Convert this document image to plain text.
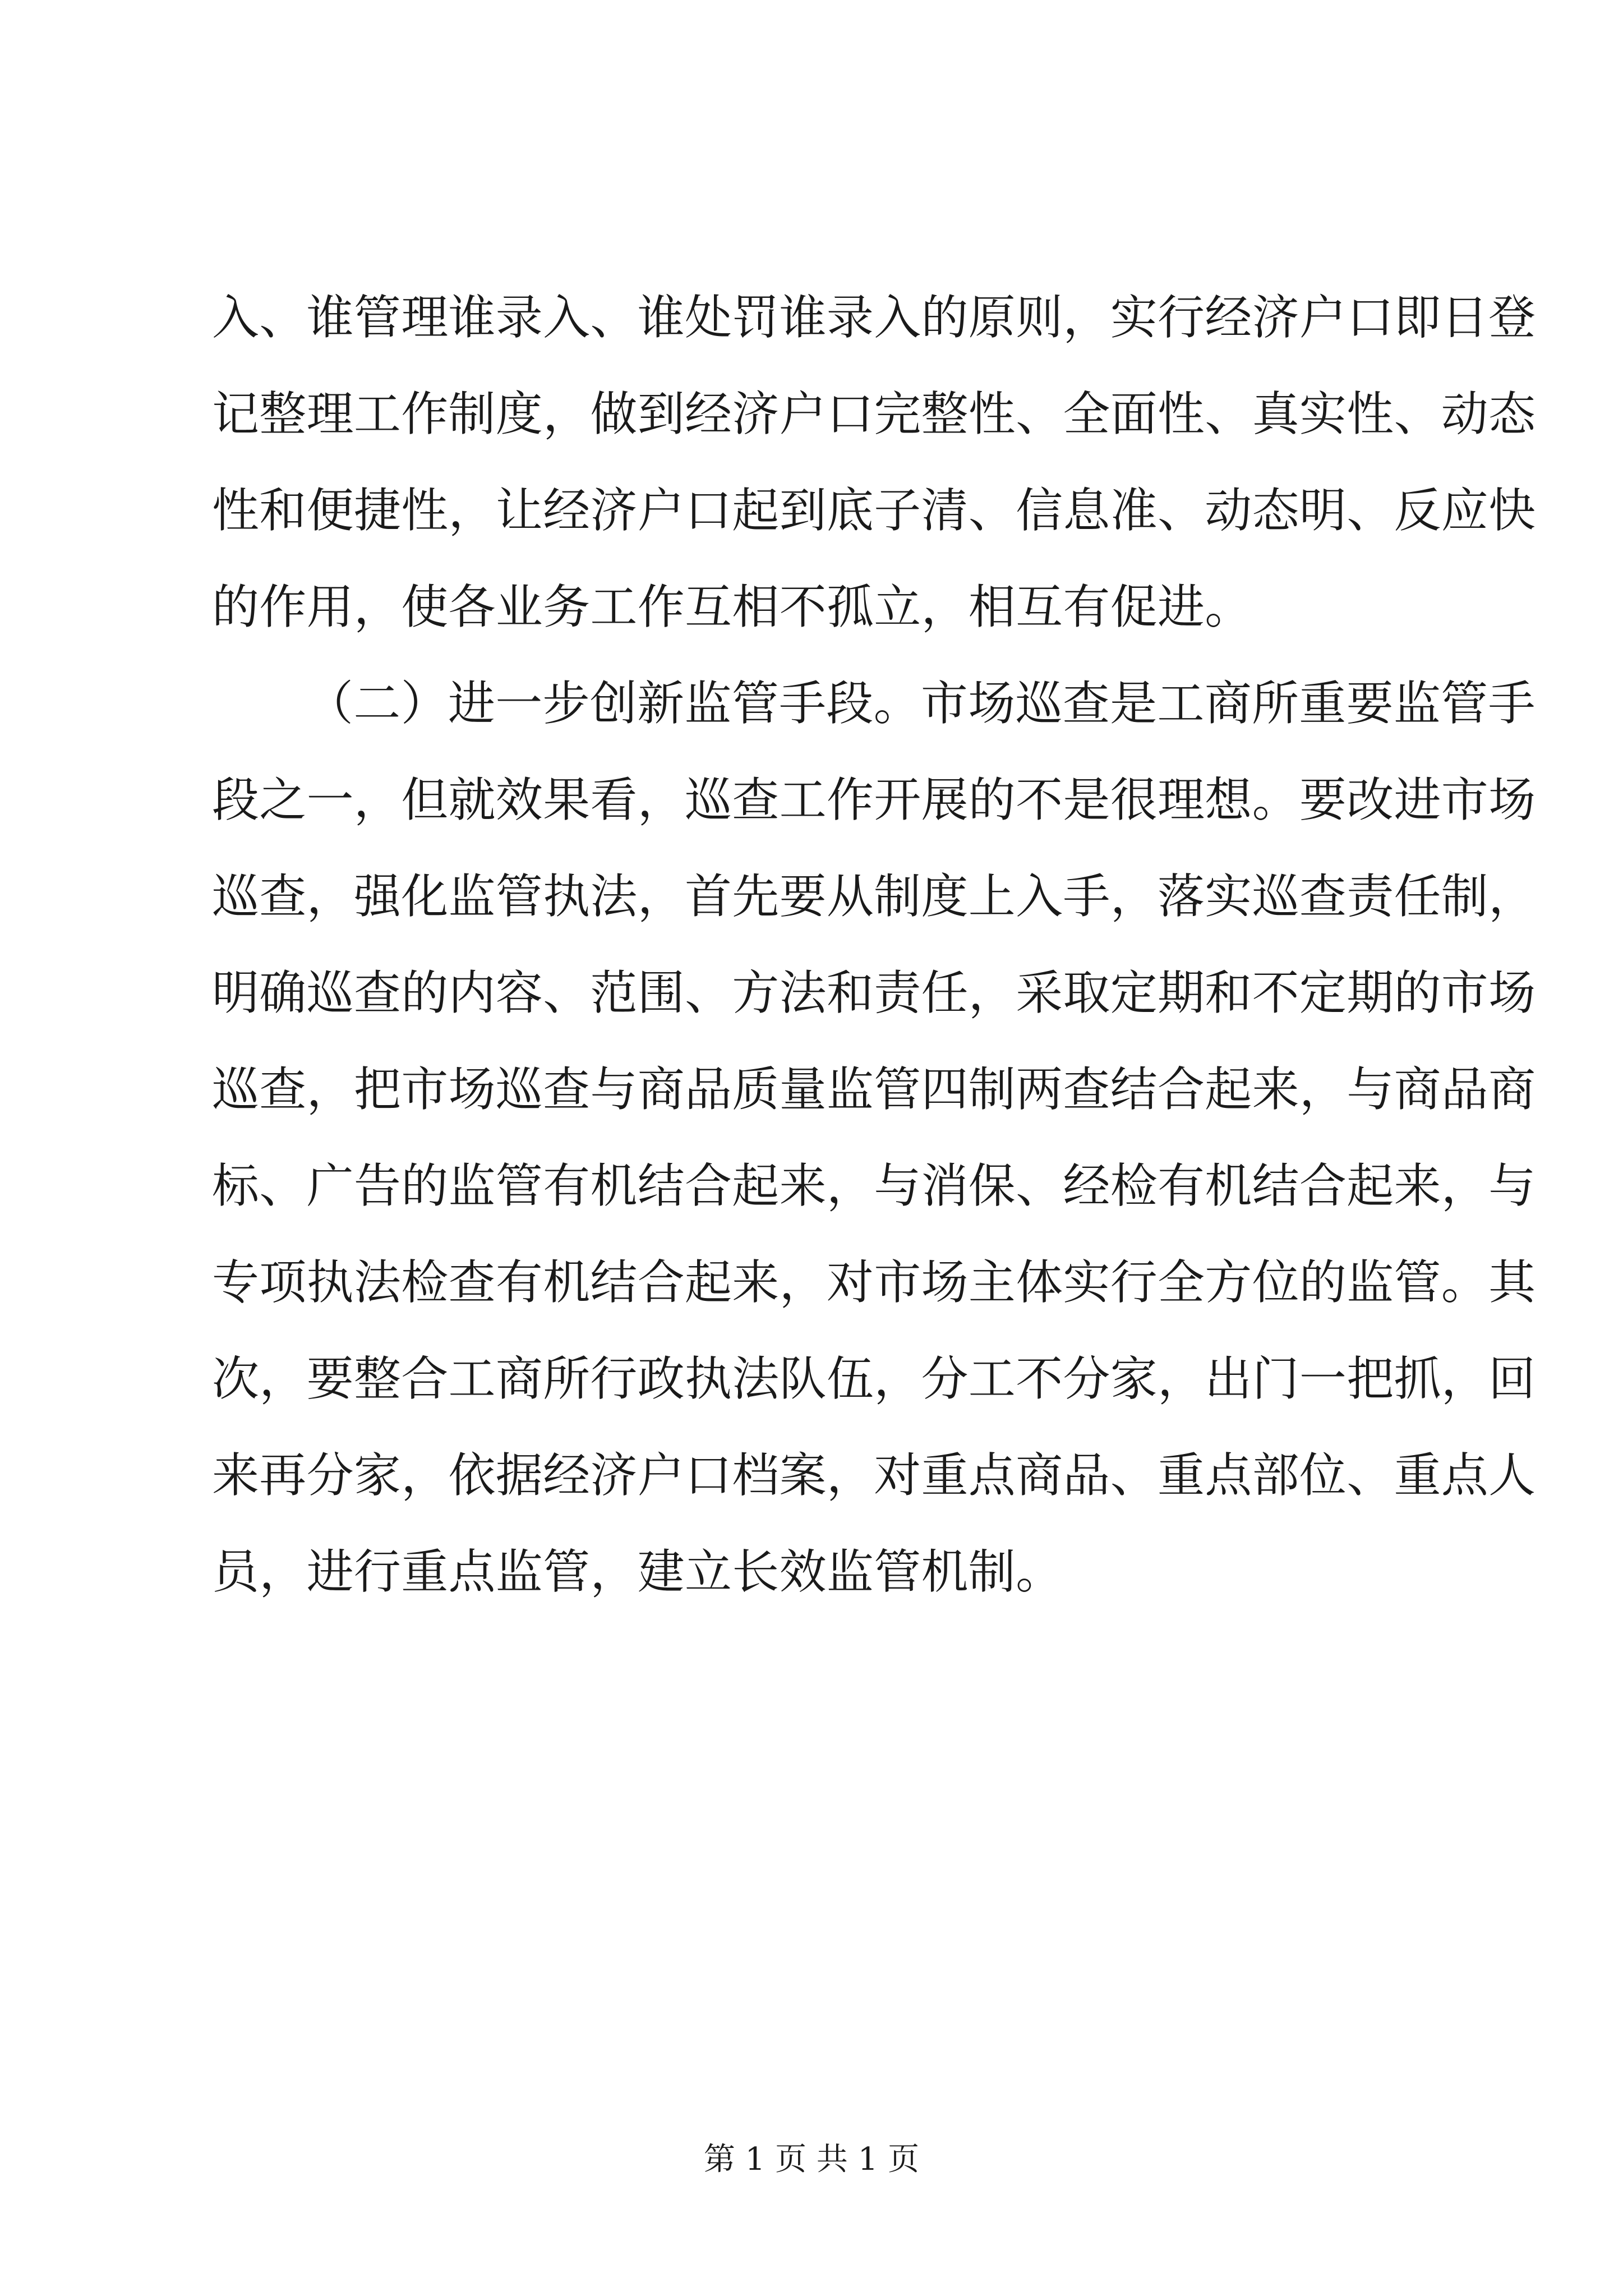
入、谁管理谁录入、谁处罚谁录入的原则，实行经济户口即日登
记整理工作制度，做到经济户口完整性、全面性、真实性、动态
性和便捷性，让经济户口起到底子清、信息准、动态明、反应快
的作用，使各业务工作互相不孤立，相互有促进。
（二）进一步创新监管手段。市场巡查是工商所重要监管手
段之一，但就效果看，巡查工作开展的不是很理想。要改进市场
巡查，强化监管执法，首先要从制度上入手，落实巡查责任制，
明确巡查的内容、范围、方法和责任，采取定期和不定期的市场
巡查，把市场巡查与商品质量监管四制两查结合起来，与商品商
标、广告的监管有机结合起来，与消保、经检有机结合起来，与
专项执法检查有机结合起来，对市场主体实行全方位的监管。其
次，要整合工商所行政执法队伍，分工不分家，出门一把抓，回
来再分家，依据经济户口档案，对重点商品、重点部位、重点人
员，进行重点监管，建立长效监管机制。
第 1 页 共 1 页
